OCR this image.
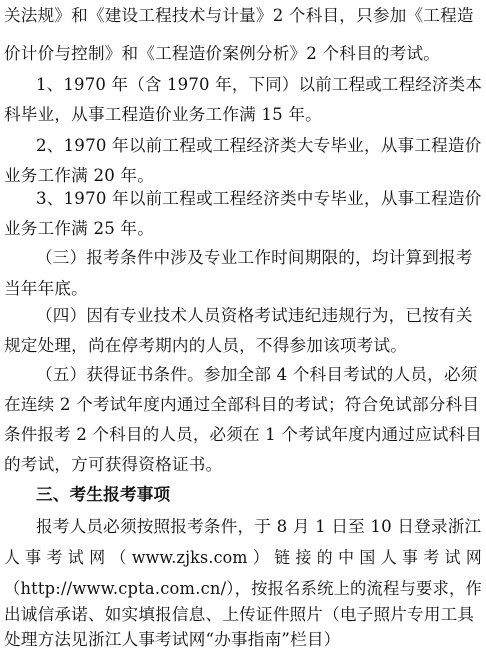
关法规》和《建设工程技术与计量》2 个科目，只参加《工程造
价计价与控制》和《工程造价案例分析》2 个科目的考试。
1、1970 年（含 1970 年，下同）以前工程或工程经济类本
科毕业，从事工程造价业务工作满 15 年。
2、1970 年以前工程或工程经济类大专毕业，从事工程造价
业务工作满 20 年。
3、1970 年以前工程或工程经济类中专毕业，从事工程造价
业务工作满 25 年。
（三）报考条件中涉及专业工作时间期限的，均计算到报考
当年年底。
（四）因有专业技术人员资格考试违纪违规行为，已按有关
规定处理，尚在停考期内的人员，不得参加该项考试。
（五）获得证书条件。参加全部 4 个科目考试的人员，必须
在连续 2 个考试年度内通过全部科目的考试；符合免试部分科目
条件报考 2 个科目的人员，必须在 1 个考试年度内通过应试科目
的考试，方可获得资格证书。
三、考生报考事项
报考人员必须按照报考条件，于 8 月 1 日至 10 日登录浙江
人 事 考 试 网 （ www.zjks.com ） 链 接 的 中 国 人 事 考 试 网
（http://www.cpta.com.cn/），按报名系统上的流程与要求，作
出诚信承诺、如实填报信息、上传证件照片（电子照片专用工具
处理方法见浙江人事考试网“办事指南”栏目）
